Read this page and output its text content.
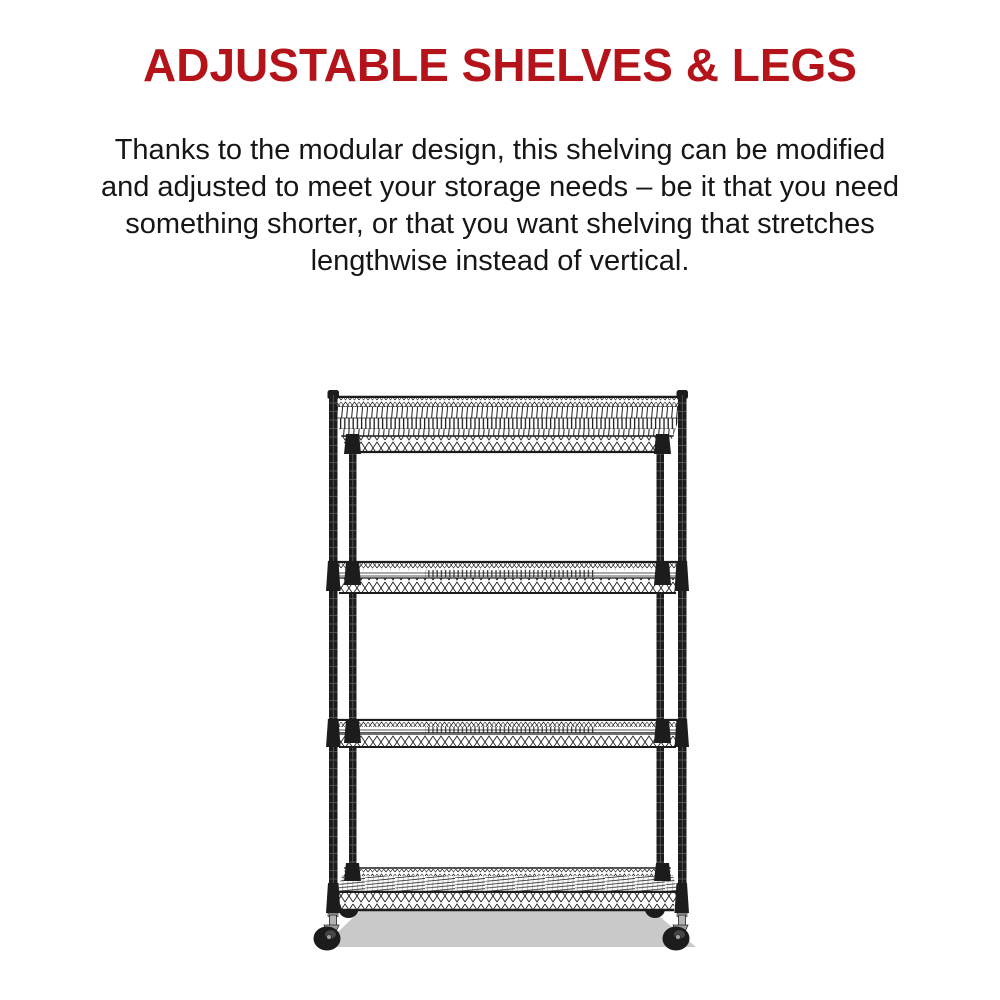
ADJUSTABLE SHELVES & LEGS
Thanks to the modular design, this shelving can be modified
and adjusted to meet your storage needs – be it that you need
something shorter, or that you want shelving that stretches
lengthwise instead of vertical.
